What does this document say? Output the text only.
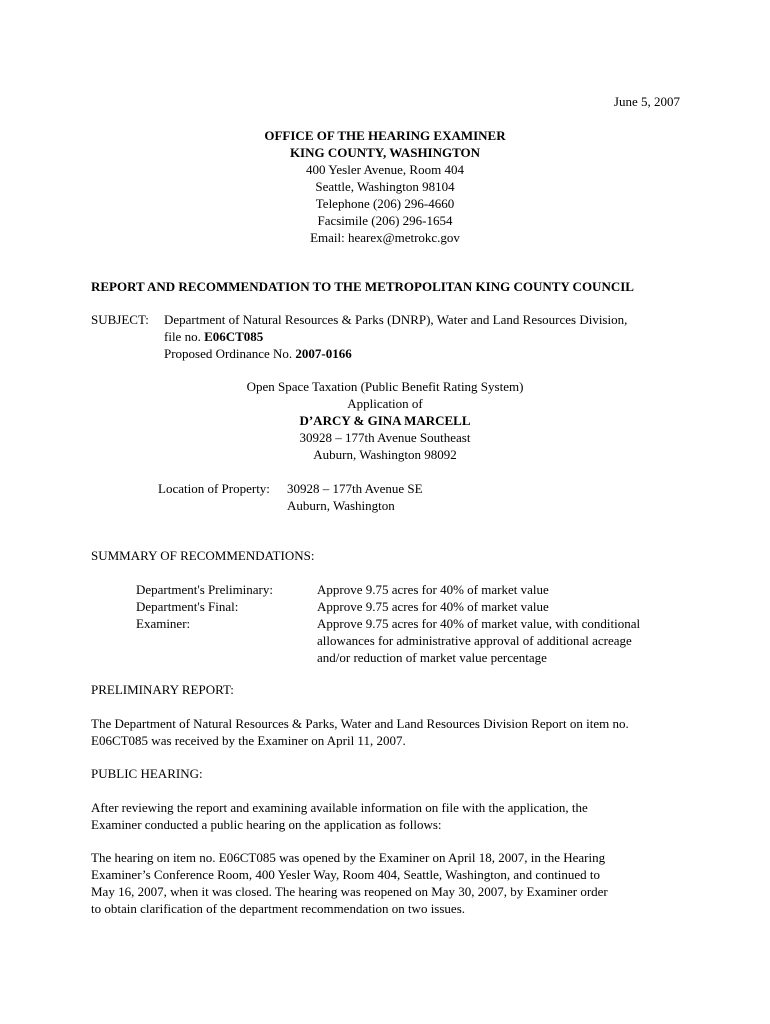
June 5, 2007
OFFICE OF THE HEARING EXAMINER
KING COUNTY, WASHINGTON
400 Yesler Avenue, Room 404
Seattle, Washington 98104
Telephone (206) 296-4660
Facsimile (206) 296-1654
Email: hearex@metrokc.gov
REPORT AND RECOMMENDATION TO THE METROPOLITAN KING COUNTY COUNCIL
SUBJECT: Department of Natural Resources & Parks (DNRP), Water and Land Resources Division,
file no. E06CT085
Proposed Ordinance No. 2007-0166
Open Space Taxation (Public Benefit Rating System)
Application of
D’ARCY & GINA MARCELL
30928 – 177th Avenue Southeast
Auburn, Washington 98092
Location of Property: 30928 – 177th Avenue SE
Auburn, Washington
SUMMARY OF RECOMMENDATIONS:
Department's Preliminary:	Approve 9.75 acres for 40% of market value
Department's Final:	Approve 9.75 acres for 40% of market value
Examiner:	Approve 9.75 acres for 40% of market value, with conditional
allowances for administrative approval of additional acreage
and/or reduction of market value percentage
PRELIMINARY REPORT:
The Department of Natural Resources & Parks, Water and Land Resources Division Report on item no.
E06CT085 was received by the Examiner on April 11, 2007.
PUBLIC HEARING:
After reviewing the report and examining available information on file with the application, the
Examiner conducted a public hearing on the application as follows:
The hearing on item no. E06CT085 was opened by the Examiner on April 18, 2007, in the Hearing
Examiner’s Conference Room, 400 Yesler Way, Room 404, Seattle, Washington, and continued to
May 16, 2007, when it was closed. The hearing was reopened on May 30, 2007, by Examiner order
to obtain clarification of the department recommendation on two issues.
